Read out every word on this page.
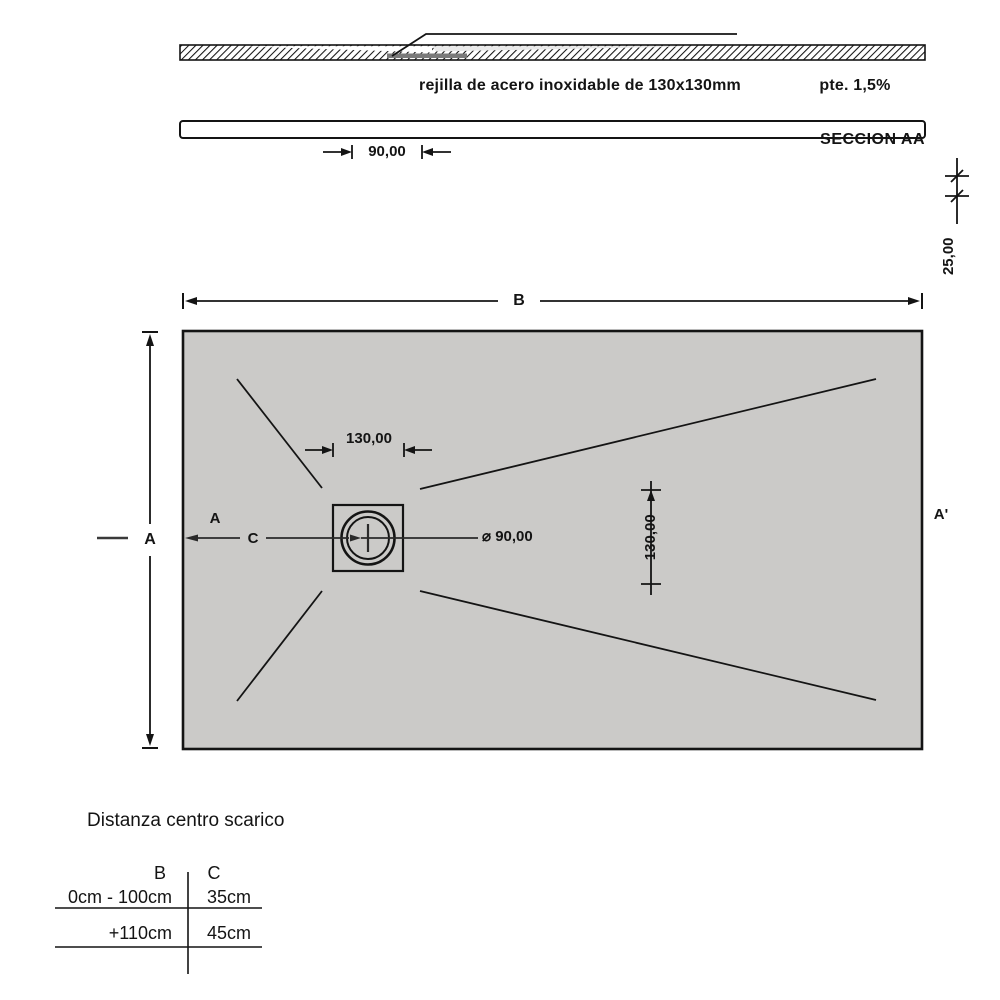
rejilla de acero inoxidable de 130x130mm	pte. 1,5%
SECCION AA
90,00
25,00
B
A
A
C
A'
130,00
130,00
⌀ 90,00
Distanza centro scarico
B	C
0cm - 100cm	35cm
+110cm	45cm
